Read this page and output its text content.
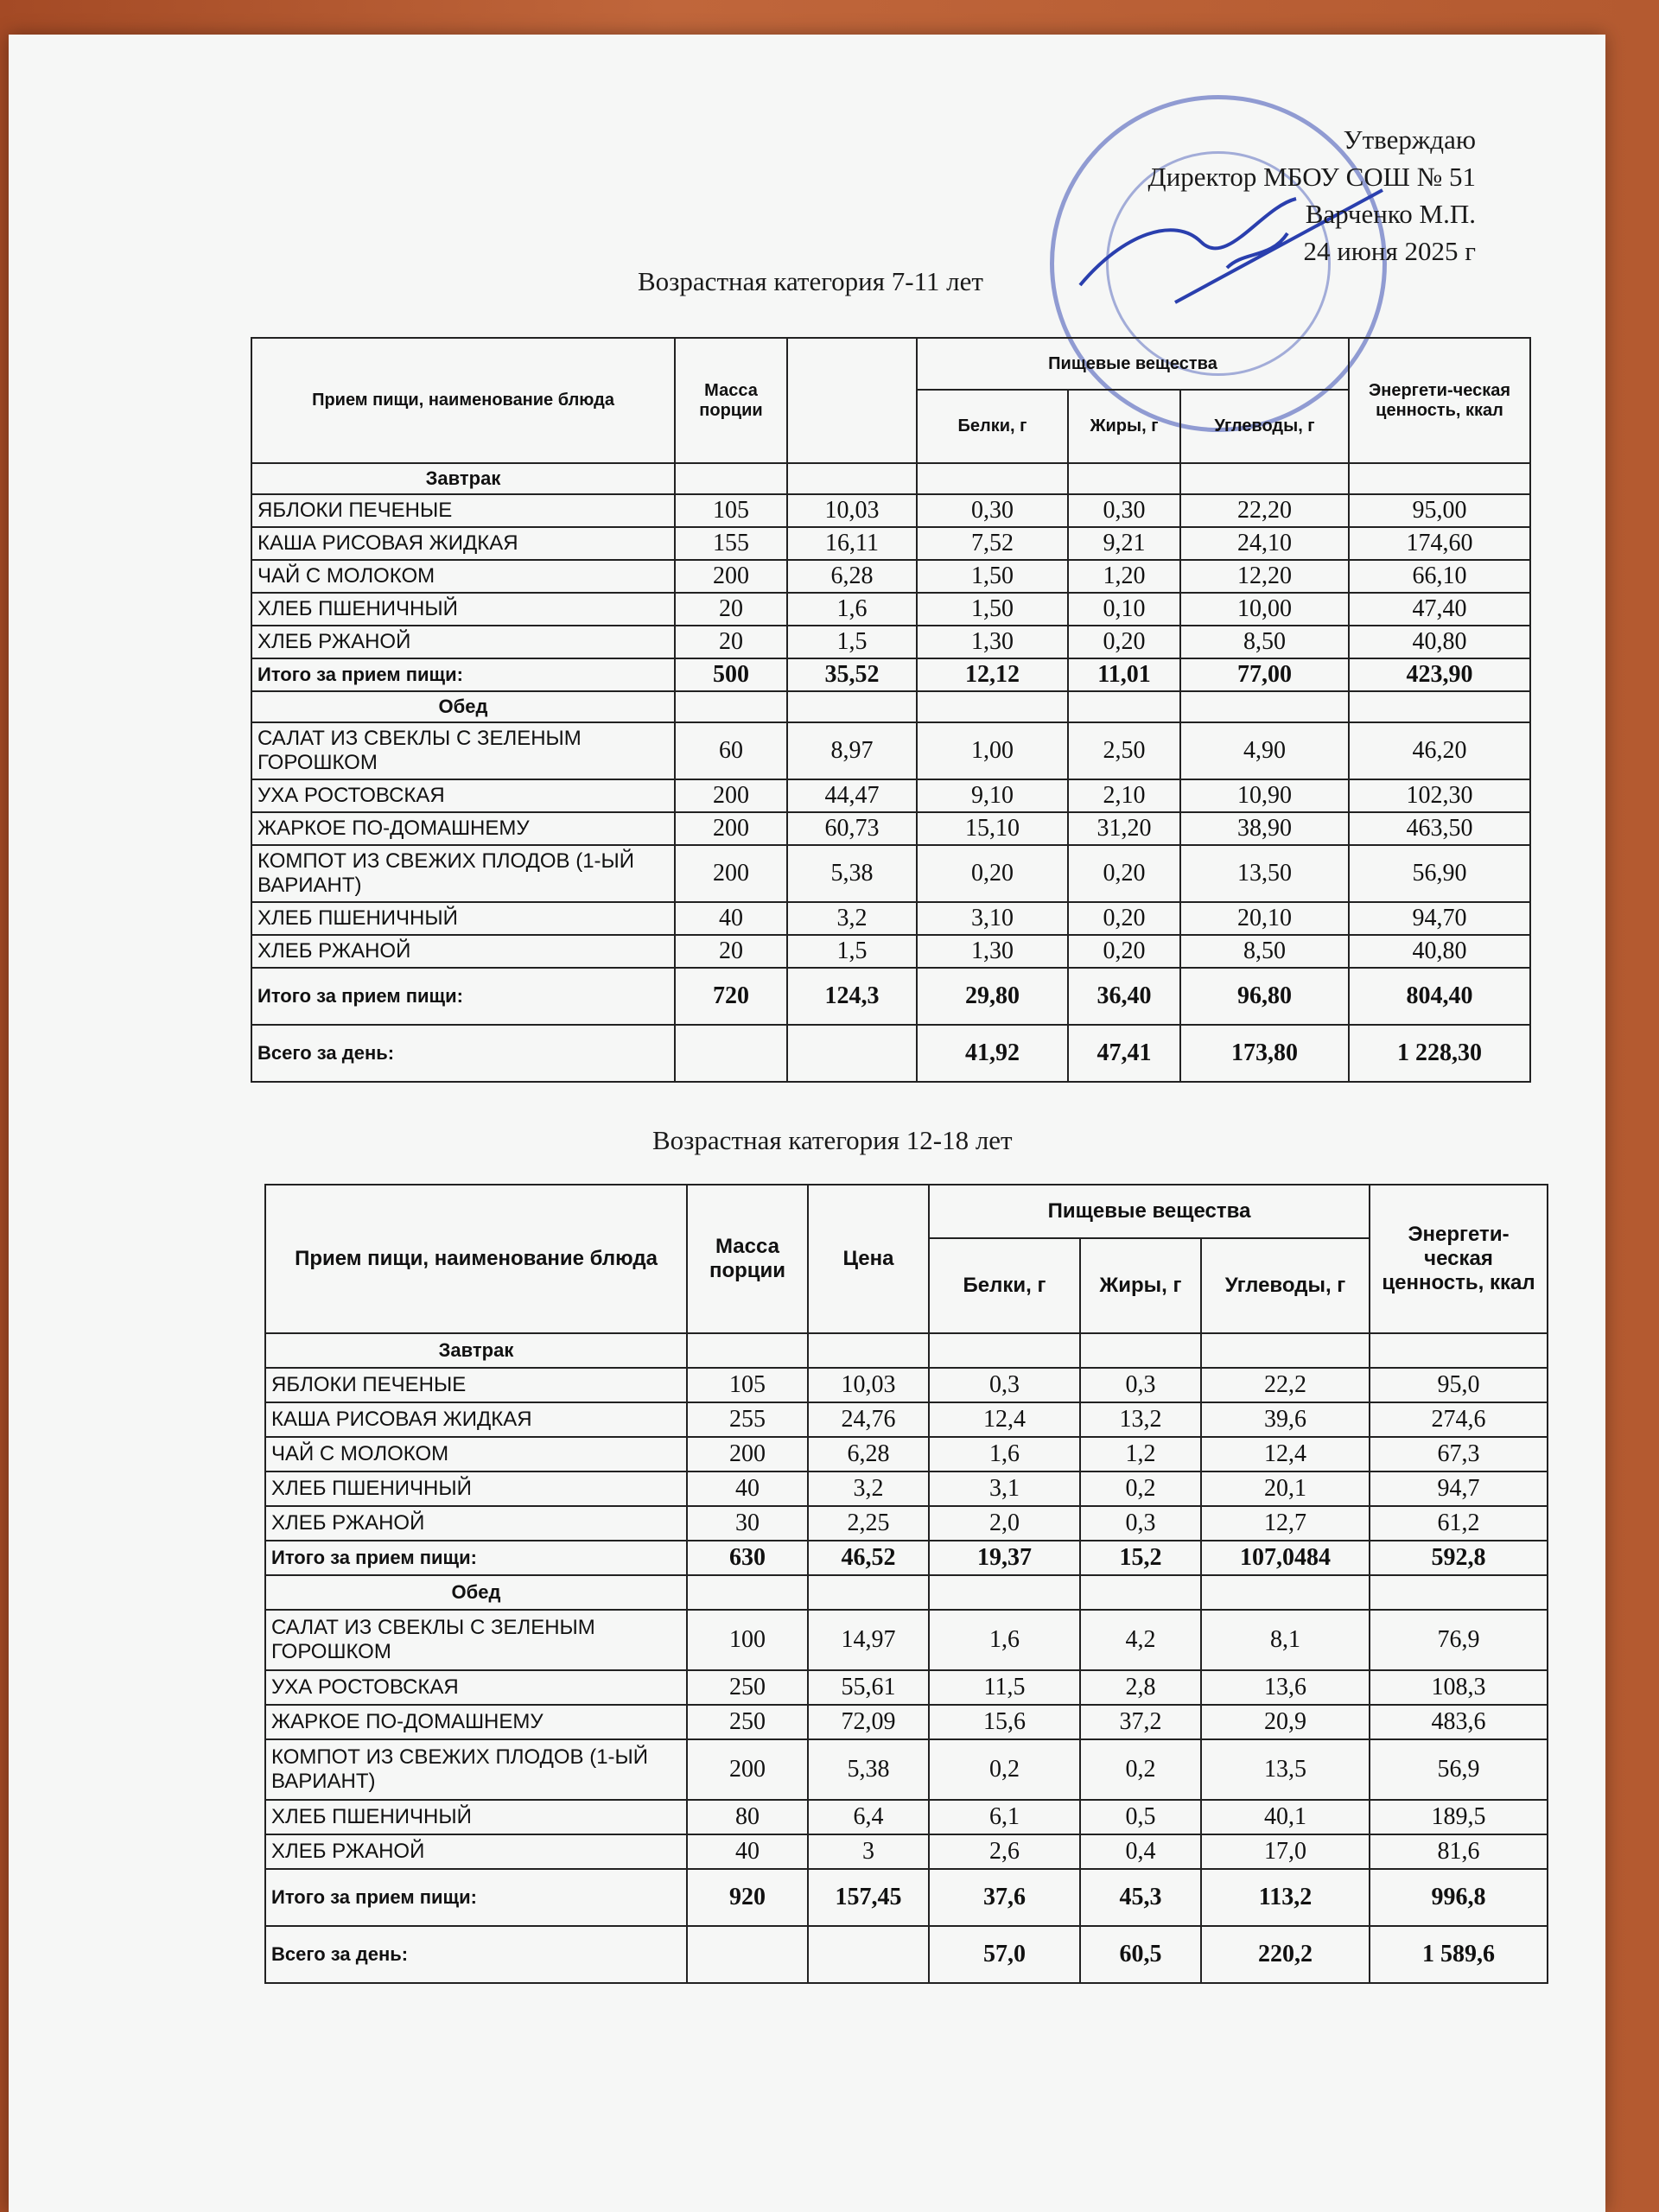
Утверждаю
Директор МБОУ СОШ № 51
Варченко М.П.
24 июня 2025 г
Возрастная категория 7-11 лет
Возрастная категория 12-18 лет
Прием пищи, наименование блюда	Масса порции		Пищевые вещества			Энергети-ческая ценность, ккал
			Белки, г	Жиры, г	Углеводы, г	
Завтрак						
ЯБЛОКИ ПЕЧЕНЫЕ	105	10,03	0,30	0,30	22,20	95,00
КАША РИСОВАЯ ЖИДКАЯ	155	16,11	7,52	9,21	24,10	174,60
ЧАЙ С МОЛОКОМ	200	6,28	1,50	1,20	12,20	66,10
ХЛЕБ ПШЕНИЧНЫЙ	20	1,6	1,50	0,10	10,00	47,40
ХЛЕБ РЖАНОЙ	20	1,5	1,30	0,20	8,50	40,80
Итого за прием пищи:	500	35,52	12,12	11,01	77,00	423,90
Обед						
САЛАТ ИЗ СВЕКЛЫ С ЗЕЛЕНЫМ ГОРОШКОМ	60	8,97	1,00	2,50	4,90	46,20
УХА РОСТОВСКАЯ	200	44,47	9,10	2,10	10,90	102,30
ЖАРКОЕ ПО-ДОМАШНЕМУ	200	60,73	15,10	31,20	38,90	463,50
КОМПОТ ИЗ СВЕЖИХ ПЛОДОВ (1-ЫЙ ВАРИАНТ)	200	5,38	0,20	0,20	13,50	56,90
ХЛЕБ ПШЕНИЧНЫЙ	40	3,2	3,10	0,20	20,10	94,70
ХЛЕБ РЖАНОЙ	20	1,5	1,30	0,20	8,50	40,80
Итого за прием пищи:	720	124,3	29,80	36,40	96,80	804,40
Всего за день:			41,92	47,41	173,80	1 228,30
Прием пищи, наименование блюда	Масса порции	Цена	Пищевые вещества			Энергети-ческая ценность, ккал
			Белки, г	Жиры, г	Углеводы, г	
Завтрак						
ЯБЛОКИ ПЕЧЕНЫЕ	105	10,03	0,3	0,3	22,2	95,0
КАША РИСОВАЯ ЖИДКАЯ	255	24,76	12,4	13,2	39,6	274,6
ЧАЙ С МОЛОКОМ	200	6,28	1,6	1,2	12,4	67,3
ХЛЕБ ПШЕНИЧНЫЙ	40	3,2	3,1	0,2	20,1	94,7
ХЛЕБ РЖАНОЙ	30	2,25	2,0	0,3	12,7	61,2
Итого за прием пищи:	630	46,52	19,37	15,2	107,0484	592,8
Обед						
САЛАТ ИЗ СВЕКЛЫ С ЗЕЛЕНЫМ ГОРОШКОМ	100	14,97	1,6	4,2	8,1	76,9
УХА РОСТОВСКАЯ	250	55,61	11,5	2,8	13,6	108,3
ЖАРКОЕ ПО-ДОМАШНЕМУ	250	72,09	15,6	37,2	20,9	483,6
КОМПОТ ИЗ СВЕЖИХ ПЛОДОВ (1-ЫЙ ВАРИАНТ)	200	5,38	0,2	0,2	13,5	56,9
ХЛЕБ ПШЕНИЧНЫЙ	80	6,4	6,1	0,5	40,1	189,5
ХЛЕБ РЖАНОЙ	40	3	2,6	0,4	17,0	81,6
Итого за прием пищи:	920	157,45	37,6	45,3	113,2	996,8
Всего за день:			57,0	60,5	220,2	1 589,6
